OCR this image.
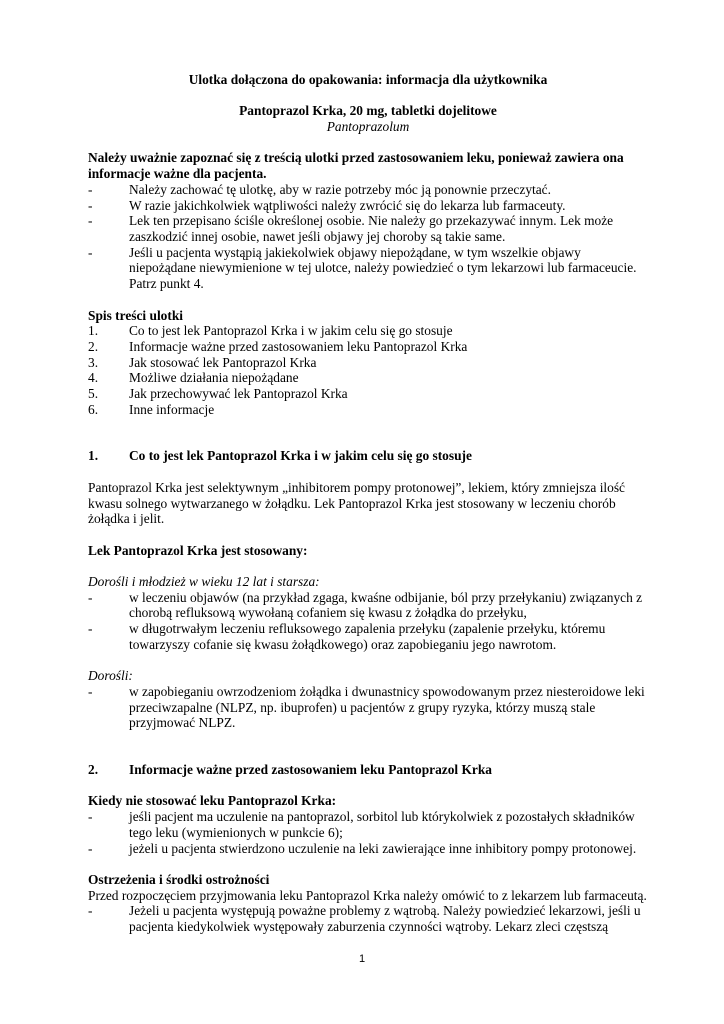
Ulotka dołączona do opakowania: informacja dla użytkownika

Pantoprazol Krka, 20 mg, tabletki dojelitowe

Pantoprazolum

Należy uważnie zapoznać się z treścią ulotki przed zastosowaniem leku, ponieważ zawiera ona informacje ważne dla pacjenta.

-	Należy zachować tę ulotkę, aby w razie potrzeby móc ją ponownie przeczytać.
-	W razie jakichkolwiek wątpliwości należy zwrócić się do lekarza lub farmaceuty.
-	Lek ten przepisano ściśle określonej osobie. Nie należy go przekazywać innym. Lek może zaszkodzić innej osobie, nawet jeśli objawy jej choroby są takie same.
-	Jeśli u pacjenta wystąpią jakiekolwiek objawy niepożądane, w tym wszelkie objawy niepożądane niewymienione w tej ulotce, należy powiedzieć o tym lekarzowi lub farmaceucie. Patrz punkt 4.

Spis treści ulotki

1. Co to jest lek Pantoprazol Krka i w jakim celu się go stosuje
2. Informacje ważne przed zastosowaniem leku Pantoprazol Krka
3. Jak stosować lek Pantoprazol Krka
4. Możliwe działania niepożądane
5. Jak przechowywać lek Pantoprazol Krka
6. Inne informacje
1. Co to jest lek Pantoprazol Krka i w jakim celu się go stosuje

Pantoprazol Krka jest selektywnym „inhibitorem pompy protonowej”, lekiem, który zmniejsza ilość kwasu solnego wytwarzanego w żołądku. Lek Pantoprazol Krka jest stosowany w leczeniu chorób żołądka i jelit.

Lek Pantoprazol Krka jest stosowany:

Dorośli i młodzież w wieku 12 lat i starsza:

-	w leczeniu objawów (na przykład zgaga, kwaśne odbijanie, ból przy przełykaniu) związanych z chorobą refluksową wywołaną cofaniem się kwasu z żołądka do przełyku,
-	w długotrwałym leczeniu refluksowego zapalenia przełyku (zapalenie przełyku, któremu towarzyszy cofanie się kwasu żołądkowego) oraz zapobieganiu jego nawrotom.

Dorośli:

-	w zapobieganiu owrzodzeniom żołądka i dwunastnicy spowodowanym przez niesteroidowe leki przeciwzapalne (NLPZ, np. ibuprofen) u pacjentów z grupy ryzyka, którzy muszą stale przyjmować NLPZ.
2. Informacje ważne przed zastosowaniem leku Pantoprazol Krka

Kiedy nie stosować leku Pantoprazol Krka:

-	jeśli pacjent ma uczulenie na pantoprazol, sorbitol lub którykolwiek z pozostałych składników tego leku (wymienionych w punkcie 6);
-	jeżeli u pacjenta stwierdzono uczulenie na leki zawierające inne inhibitory pompy protonowej.

Ostrzeżenia i środki ostrożności

Przed rozpoczęciem przyjmowania leku Pantoprazol Krka należy omówić to z lekarzem lub farmaceutą.

-	Jeżeli u pacjenta występują poważne problemy z wątrobą. Należy powiedzieć lekarzowi, jeśli u pacjenta kiedykolwiek występowały zaburzenia czynności wątroby. Lekarz zleci częstszą
1
